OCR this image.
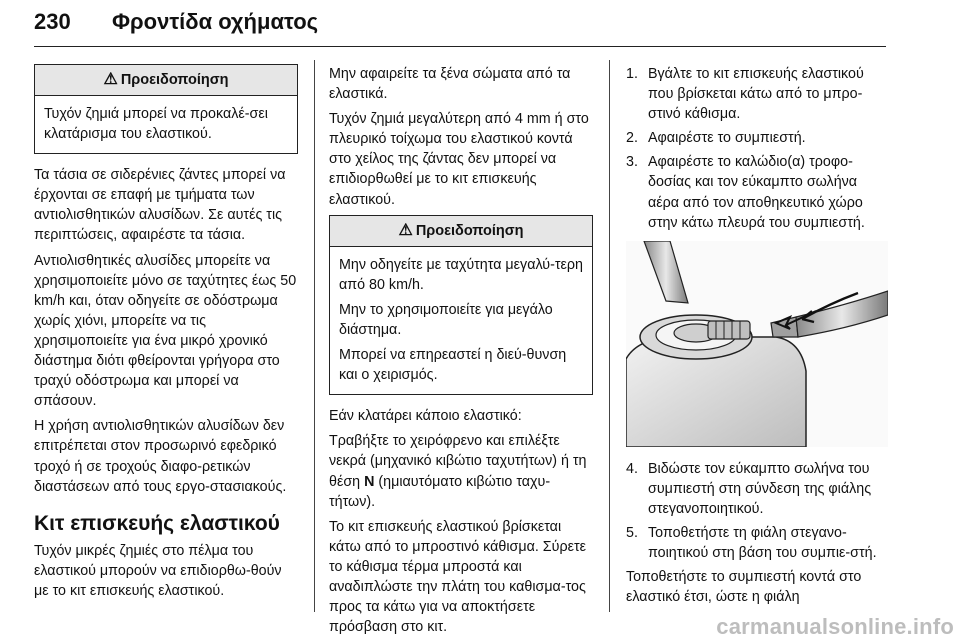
230 Φροντίδα οχήματος
⚠ Προειδοποίηση

Τυχόν ζημιά μπορεί να προκαλέ-σει κλατάρισμα του ελαστικού.

Τα τάσια σε σιδερένιες ζάντες μπορεί να έρχονται σε επαφή με τμήματα των αντιολισθητικών αλυσίδων. Σε αυτές τις περιπτώσεις, αφαιρέστε τα τάσια.

Αντιολισθητικές αλυσίδες μπορείτε να χρησιμοποιείτε μόνο σε ταχύτητες έως 50 km/h και, όταν οδηγείτε σε οδόστρωμα χωρίς χιόνι, μπορείτε να τις χρησιμοποιείτε για ένα μικρό χρονικό διάστημα διότι φθείρονται γρήγορα στο τραχύ οδόστρωμα και μπορεί να σπάσουν.

Η χρήση αντιολισθητικών αλυσίδων δεν επιτρέπεται στον προσωρινό εφεδρικό τροχό ή σε τροχούς διαφο-ρετικών διαστάσεων από τους εργο-στασιακούς.

Κιτ επισκευής ελαστικού

Τυχόν μικρές ζημιές στο πέλμα του ελαστικού μπορούν να επιδιορθω-θούν με το κιτ επισκευής ελαστικού.

Μην αφαιρείτε τα ξένα σώματα από τα ελαστικά.

Τυχόν ζημιά μεγαλύτερη από 4 mm ή στο πλευρικό τοίχωμα του ελαστικού κοντά στο χείλος της ζάντας δεν μπορεί να επιδιορθωθεί με το κιτ επισκευής ελαστικού.

⚠ Προειδοποίηση

Μην οδηγείτε με ταχύτητα μεγαλύ-τερη από 80 km/h.

Μην το χρησιμοποιείτε για μεγάλο διάστημα.

Μπορεί να επηρεαστεί η διεύ-θυνση και ο χειρισμός.

Εάν κλατάρει κάποιο ελαστικό:

Τραβήξτε το χειρόφρενο και επιλέξτε νεκρά (μηχανικό κιβώτιο ταχυτήτων) ή τη θέση N (ημιαυτόματο κιβώτιο ταχυ-τήτων).

Το κιτ επισκευής ελαστικού βρίσκεται κάτω από το μπροστινό κάθισμα. Σύρετε το κάθισμα τέρμα μπροστά και αναδιπλώστε την πλάτη του καθισμα-τος προς τα κάτω για να αποκτήσετε πρόσβαση στο κιτ.

1. Βγάλτε το κιτ επισκευής ελαστικού που βρίσκεται κάτω από το μπρο-στινό κάθισμα.
2. Αφαιρέστε το συμπιεστή.
3. Αφαιρέστε το καλώδιο(α) τροφο-δοσίας και τον εύκαμπτο σωλήνα αέρα από τον αποθηκευτικό χώρο στην κάτω πλευρά του συμπιεστή.
4. Βιδώστε τον εύκαμπτο σωλήνα του συμπιεστή στη σύνδεση της φιάλης στεγανοποιητικού.
5. Τοποθετήστε τη φιάλη στεγανο-ποιητικού στη βάση του συμπιε-στή.

Τοποθετήστε το συμπιεστή κοντά στο ελαστικό έτσι, ώστε η φιάλη

carmanualsonline.info
